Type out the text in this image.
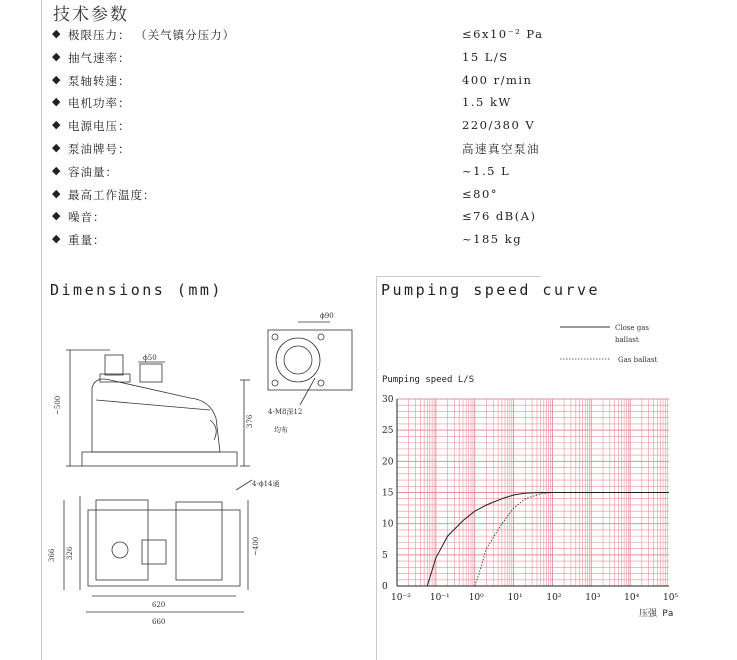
技术参数
◆ 极限压力： （关气镇分压力）	≤6x10⁻² Pa
◆ 抽气速率：	15 L/S
◆ 泵轴转速：	400 r/min
◆ 电机功率：	1.5 kW
◆ 电源电压：	220/380 V
◆ 泵油牌号：	高速真空泵油
◆ 容油量：	~1.5 L
◆ 最高工作温度：	≤80°
◆ 噪音：	≤76 dB(A)
◆ 重量：	~185 kg
Dimensions (mm)	Pumping speed curve
ϕ50
~500
376
ϕ90
4-M8深12
均布
4-ϕ14通
366 326	~400
620
660
Close gas
ballast
Gas ballast
Pumping speed L/S
压强 Pa
0
5
10
15
20
25
30
10⁻² 10⁻¹ 10⁰	10¹	10²	10³	10⁴	10⁵
